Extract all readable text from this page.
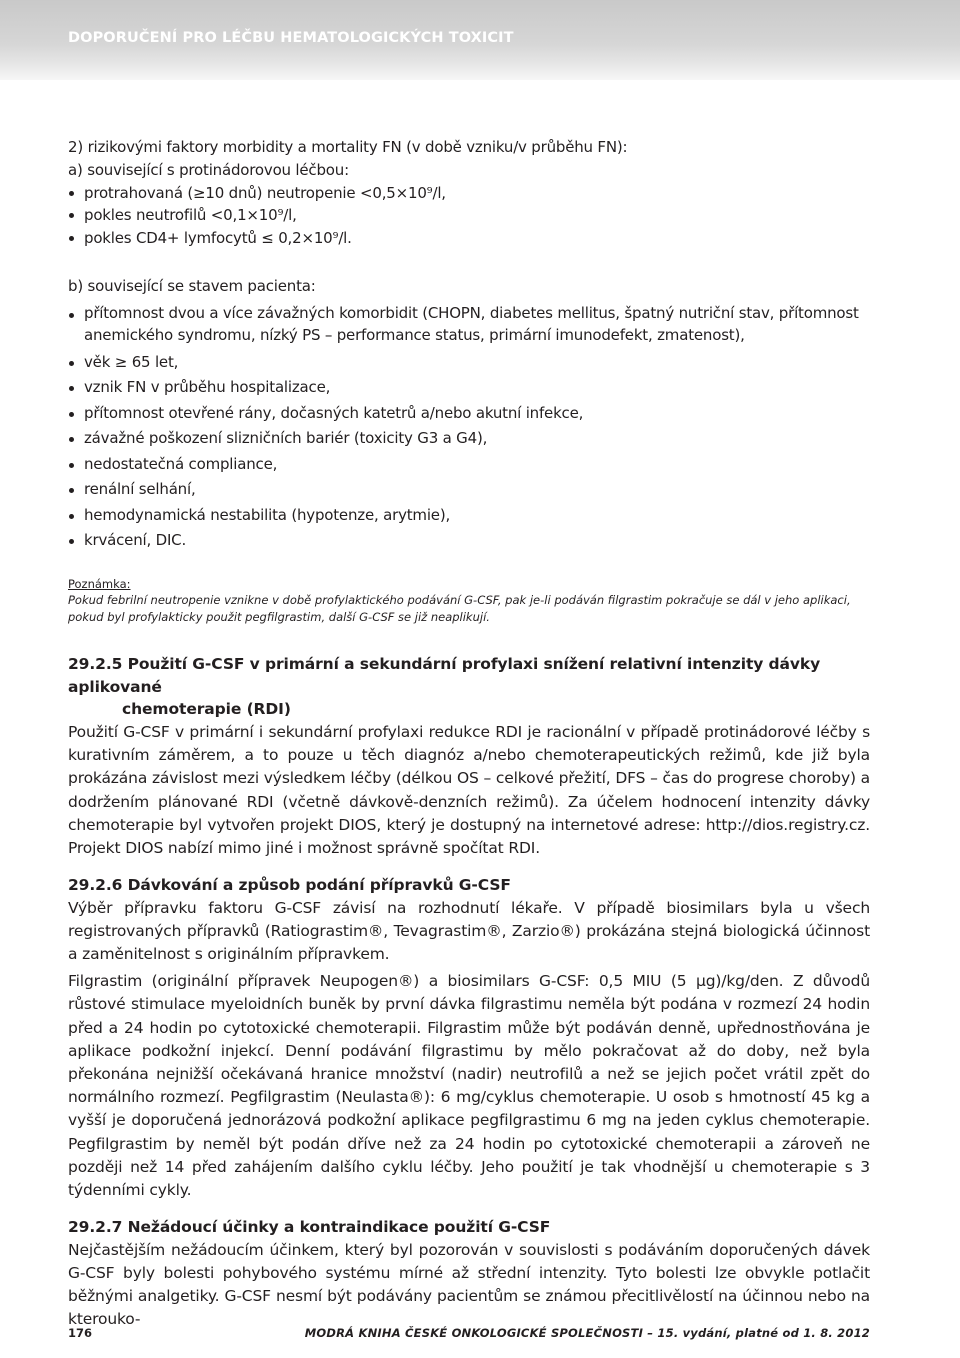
DOPORUČENÍ PRO LÉČBU HEMATOLOGICKÝCH TOXICIT

2) rizikovými faktory morbidity a mortality FN (v době vzniku/v průběhu FN):

a) související s protinádorovou léčbou:

protrahovaná (≥10 dnů) neutropenie <0,5×10⁹/l,
pokles neutrofilů <0,1×10⁹/l,
pokles CD4+ lymfocytů ≤ 0,2×10⁹/l.

b) související se stavem pacienta:

přítomnost dvou a více závažných komorbidit (CHOPN, diabetes mellitus, špatný nutriční stav, přítomnost anemického syndromu, nízký PS – performance status, primární imunodefekt, zmatenost),
věk ≥ 65 let,
vznik FN v průběhu hospitalizace,
přítomnost otevřené rány, dočasných katetrů a/nebo akutní infekce,
závažné poškození slizničních bariér (toxicity G3 a G4),
nedostatečná compliance,
renální selhání,
hemodynamická nestabilita (hypotenze, arytmie),
krvácení, DIC.
Poznámka:
Pokud febrilní neutropenie vznikne v době profylaktického podávání G-CSF, pak je-li podáván filgrastim pokračuje se dál v jeho aplikaci, pokud byl profylakticky použit pegfilgrastim, další G-CSF se již neaplikují.

29.2.5 Použití G-CSF v primární a sekundární profylaxi snížení relativní intenzity dávky aplikované
chemoterapie (RDI)

Použití G-CSF v primární i sekundární profylaxi redukce RDI je racionální v případě protinádorové léčby s kurativním záměrem, a to pouze u těch diagnóz a/nebo chemoterapeutických režimů, kde již byla prokázána závislost mezi výsledkem léčby (délkou OS – celkové přežití, DFS – čas do progrese choroby) a dodržením plánované RDI (včetně dávkově-denzních režimů). Za účelem hodnocení intenzity dávky chemoterapie byl vytvořen projekt DIOS, který je dostupný na internetové adrese: http://dios.registry.cz. Projekt DIOS nabízí mimo jiné i možnost správně spočítat RDI.

29.2.6 Dávkování a způsob podání přípravků G-CSF

Výběr přípravku faktoru G-CSF závisí na rozhodnutí lékaře. V případě biosimilars byla u všech registrovaných přípravků (Ratiograstim®, Tevagrastim®, Zarzio®) prokázána stejná biologická účinnost a zaměnitelnost s originálním přípravkem.

Filgrastim (originální přípravek Neupogen®) a biosimilars G-CSF: 0,5 MIU (5 µg)/kg/den. Z důvodů růstové stimulace myeloidních buněk by první dávka filgrastimu neměla být podána v rozmezí 24 hodin před a 24 hodin po cytotoxické chemoterapii. Filgrastim může být podáván denně, upřednostňována je aplikace podkožní injekcí. Denní podávání filgrastimu by mělo pokračovat až do doby, než byla překonána nejnižší očekávaná hranice množství (nadir) neutrofilů a než se jejich počet vrátil zpět do normálního rozmezí. Pegfilgrastim (Neulasta®): 6 mg/cyklus chemoterapie. U osob s hmotností 45 kg a vyšší je doporučená jednorázová podkožní aplikace pegfilgrastimu 6 mg na jeden cyklus chemoterapie. Pegfilgrastim by neměl být podán dříve než za 24 hodin po cytotoxické chemoterapii a zároveň ne později než 14 před zahájením dalšího cyklu léčby. Jeho použití je tak vhodnější u chemoterapie s 3 týdenními cykly.

29.2.7 Nežádoucí účinky a kontraindikace použití G-CSF

Nejčastějším nežádoucím účinkem, který byl pozorován v souvislosti s podáváním doporučených dávek G-CSF byly bolesti pohybového systému mírné až střední intenzity. Tyto bolesti lze obvykle potlačit běžnými analgetiky. G-CSF nesmí být podávány pacientům se známou přecitlivělostí na účinnou nebo na kterouko-

176	MODRÁ KNIHA ČESKÉ ONKOLOGICKÉ SPOLEČNOSTI – 15. vydání, platné od 1. 8. 2012
